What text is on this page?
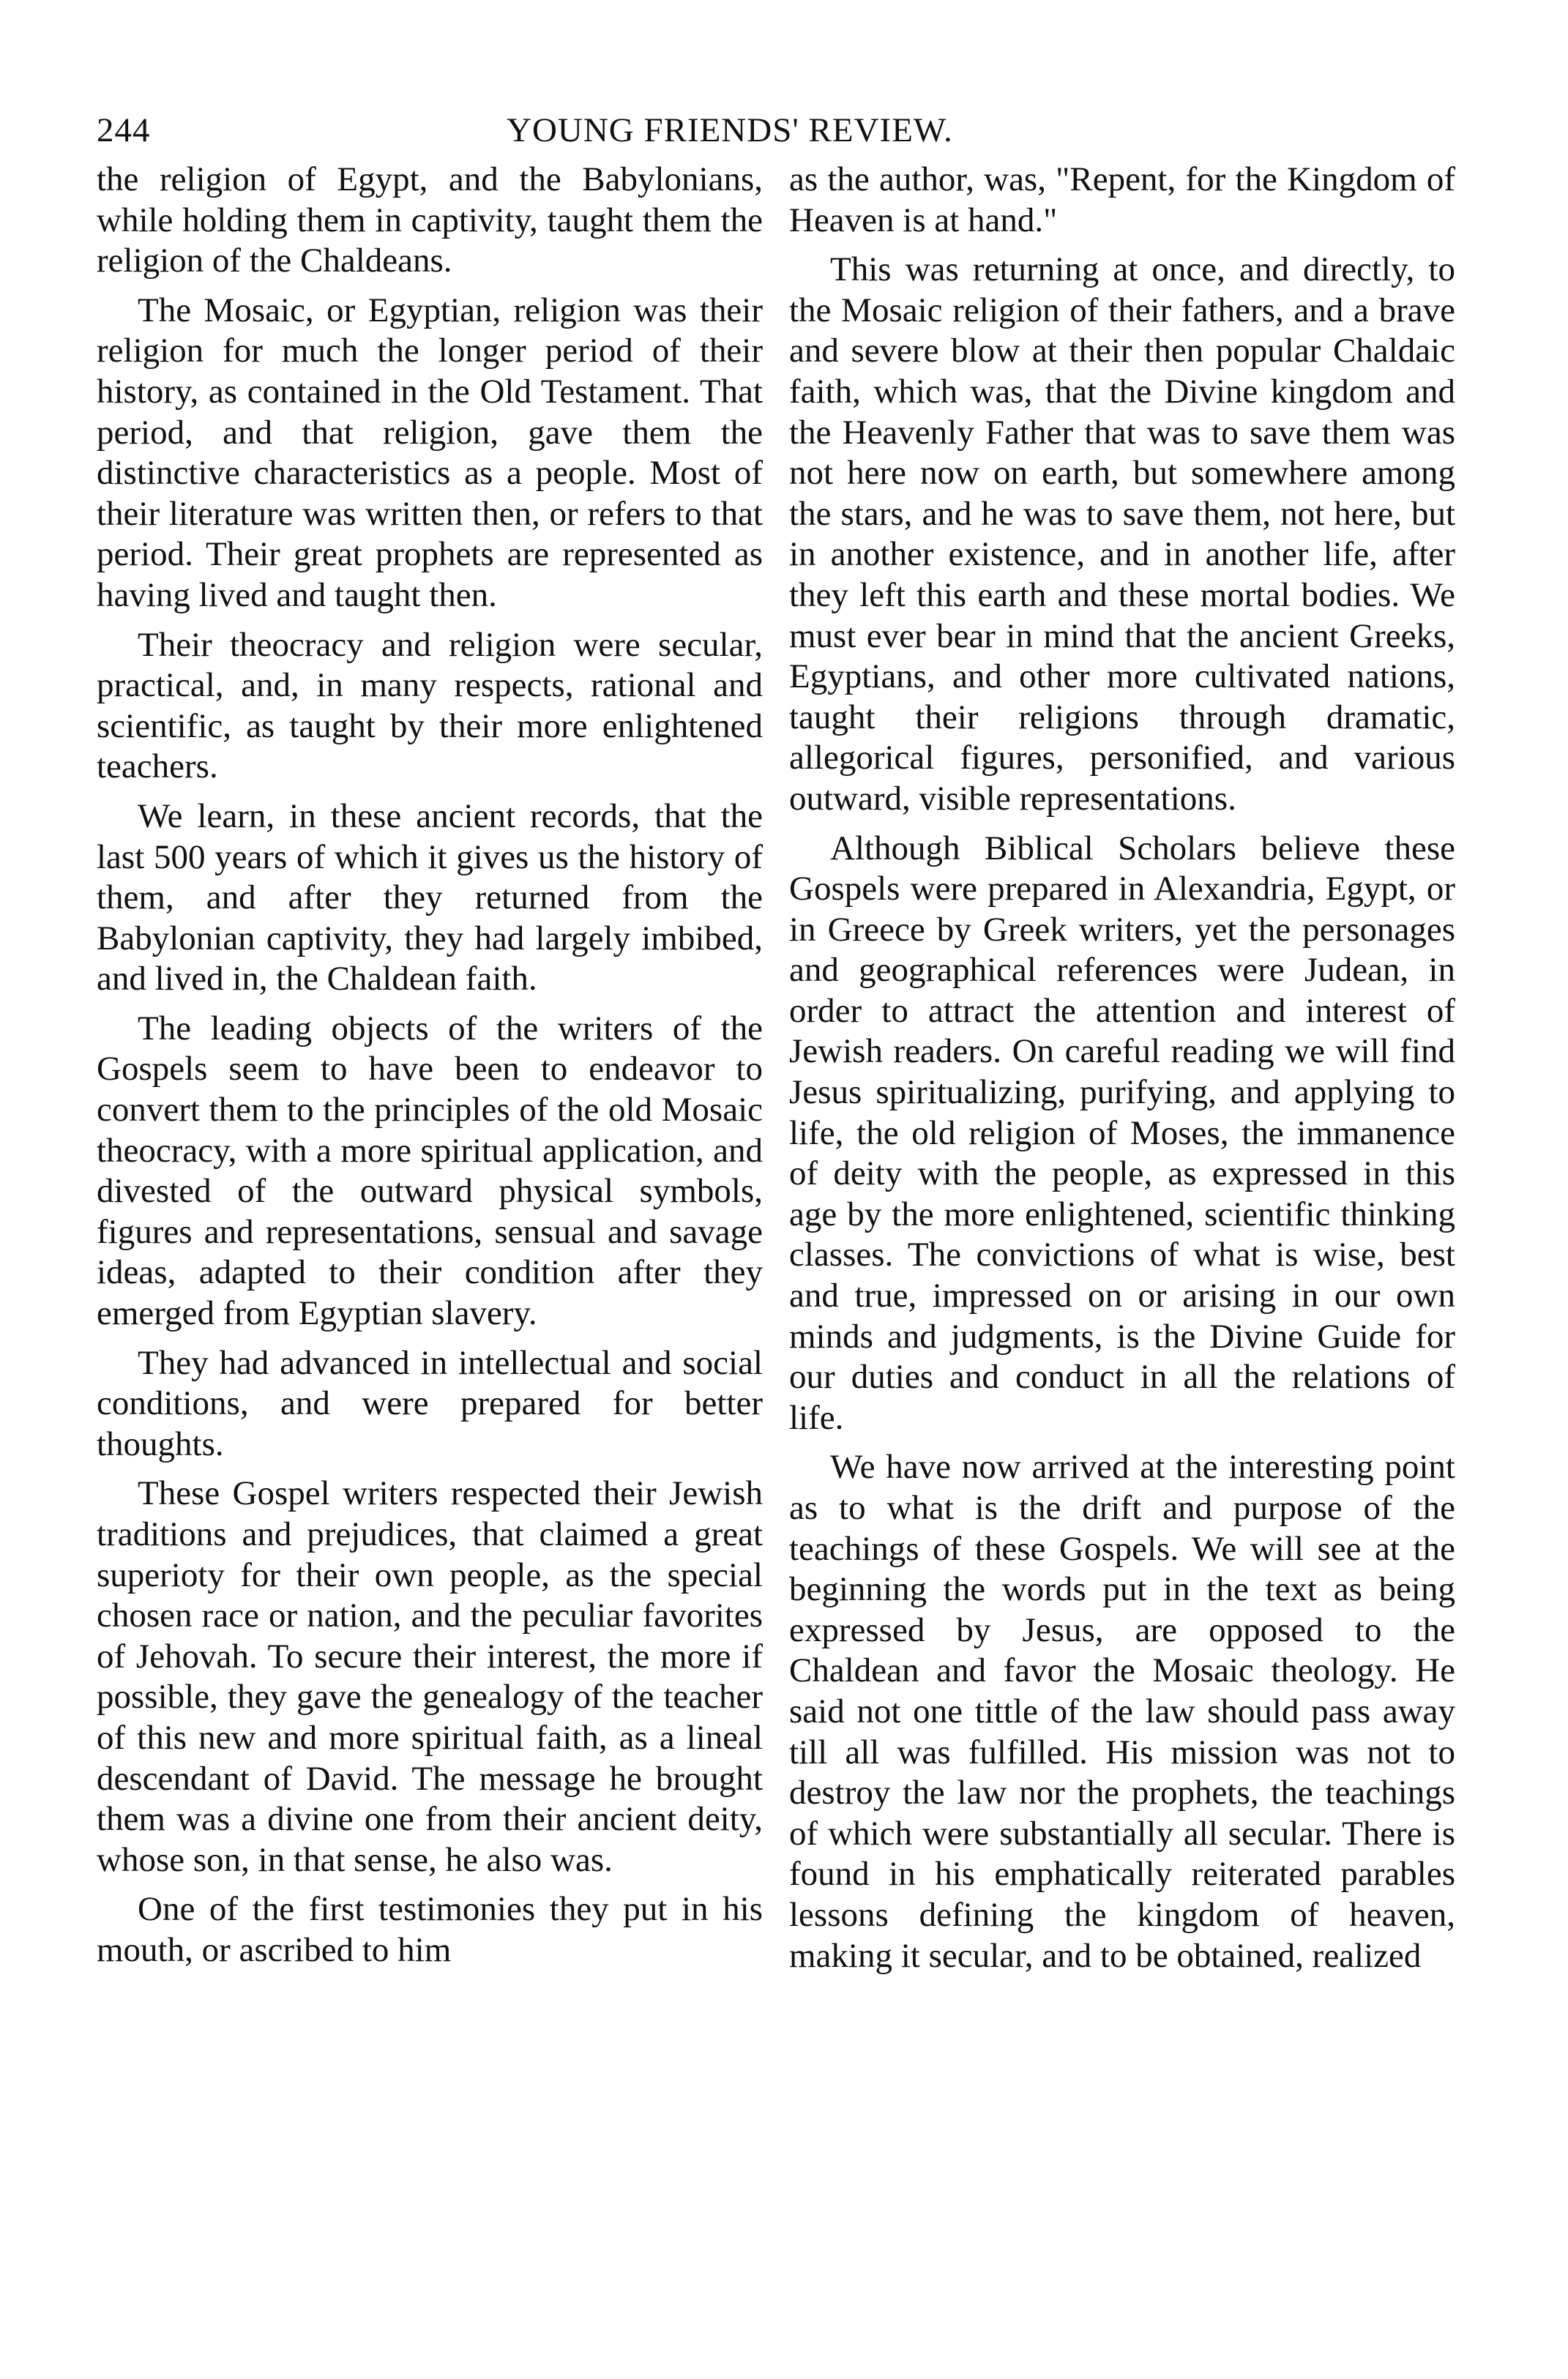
244	YOUNG FRIENDS' REVIEW.

the religion of Egypt, and the Babylonians, while holding them in captivity, taught them the religion of the Chaldeans.

The Mosaic, or Egyptian, religion was their religion for much the longer period of their history, as contained in the Old Testament. That period, and that religion, gave them the distinctive characteristics as a people. Most of their literature was written then, or refers to that period. Their great prophets are represented as having lived and taught then.

Their theocracy and religion were secular, practical, and, in many respects, rational and scientific, as taught by their more enlightened teachers.

We learn, in these ancient records, that the last 500 years of which it gives us the history of them, and after they returned from the Babylonian captivity, they had largely imbibed, and lived in, the Chaldean faith.

The leading objects of the writers of the Gospels seem to have been to endeavor to convert them to the principles of the old Mosaic theocracy, with a more spiritual application, and divested of the outward physical symbols, figures and representations, sensual and savage ideas, adapted to their condition after they emerged from Egyptian slavery.

They had advanced in intellectual and social conditions, and were prepared for better thoughts.

These Gospel writers respected their Jewish traditions and prejudices, that claimed a great superioty for their own people, as the special chosen race or nation, and the peculiar favorites of Jehovah. To secure their interest, the more if possible, they gave the genealogy of the teacher of this new and more spiritual faith, as a lineal descendant of David. The message he brought them was a divine one from their ancient deity, whose son, in that sense, he also was.

One of the first testimonies they put in his mouth, or ascribed to him

as the author, was, "Repent, for the Kingdom of Heaven is at hand."

This was returning at once, and directly, to the Mosaic religion of their fathers, and a brave and severe blow at their then popular Chaldaic faith, which was, that the Divine kingdom and the Heavenly Father that was to save them was not here now on earth, but somewhere among the stars, and he was to save them, not here, but in another existence, and in another life, after they left this earth and these mortal bodies. We must ever bear in mind that the ancient Greeks, Egyptians, and other more cultivated nations, taught their religions through dramatic, allegorical figures, personified, and various outward, visible representations.

Although Biblical Scholars believe these Gospels were prepared in Alexandria, Egypt, or in Greece by Greek writers, yet the personages and geographical references were Judean, in order to attract the attention and interest of Jewish readers. On careful reading we will find Jesus spiritualizing, purifying, and applying to life, the old religion of Moses, the immanence of deity with the people, as expressed in this age by the more enlightened, scientific thinking classes. The convictions of what is wise, best and true, impressed on or arising in our own minds and judgments, is the Divine Guide for our duties and conduct in all the relations of life.

We have now arrived at the interesting point as to what is the drift and purpose of the teachings of these Gospels. We will see at the beginning the words put in the text as being expressed by Jesus, are opposed to the Chaldean and favor the Mosaic theology. He said not one tittle of the law should pass away till all was fulfilled. His mission was not to destroy the law nor the prophets, the teachings of which were substantially all secular. There is found in his emphatically reiterated parables lessons defining the kingdom of heaven, making it secular, and to be obtained, realized
